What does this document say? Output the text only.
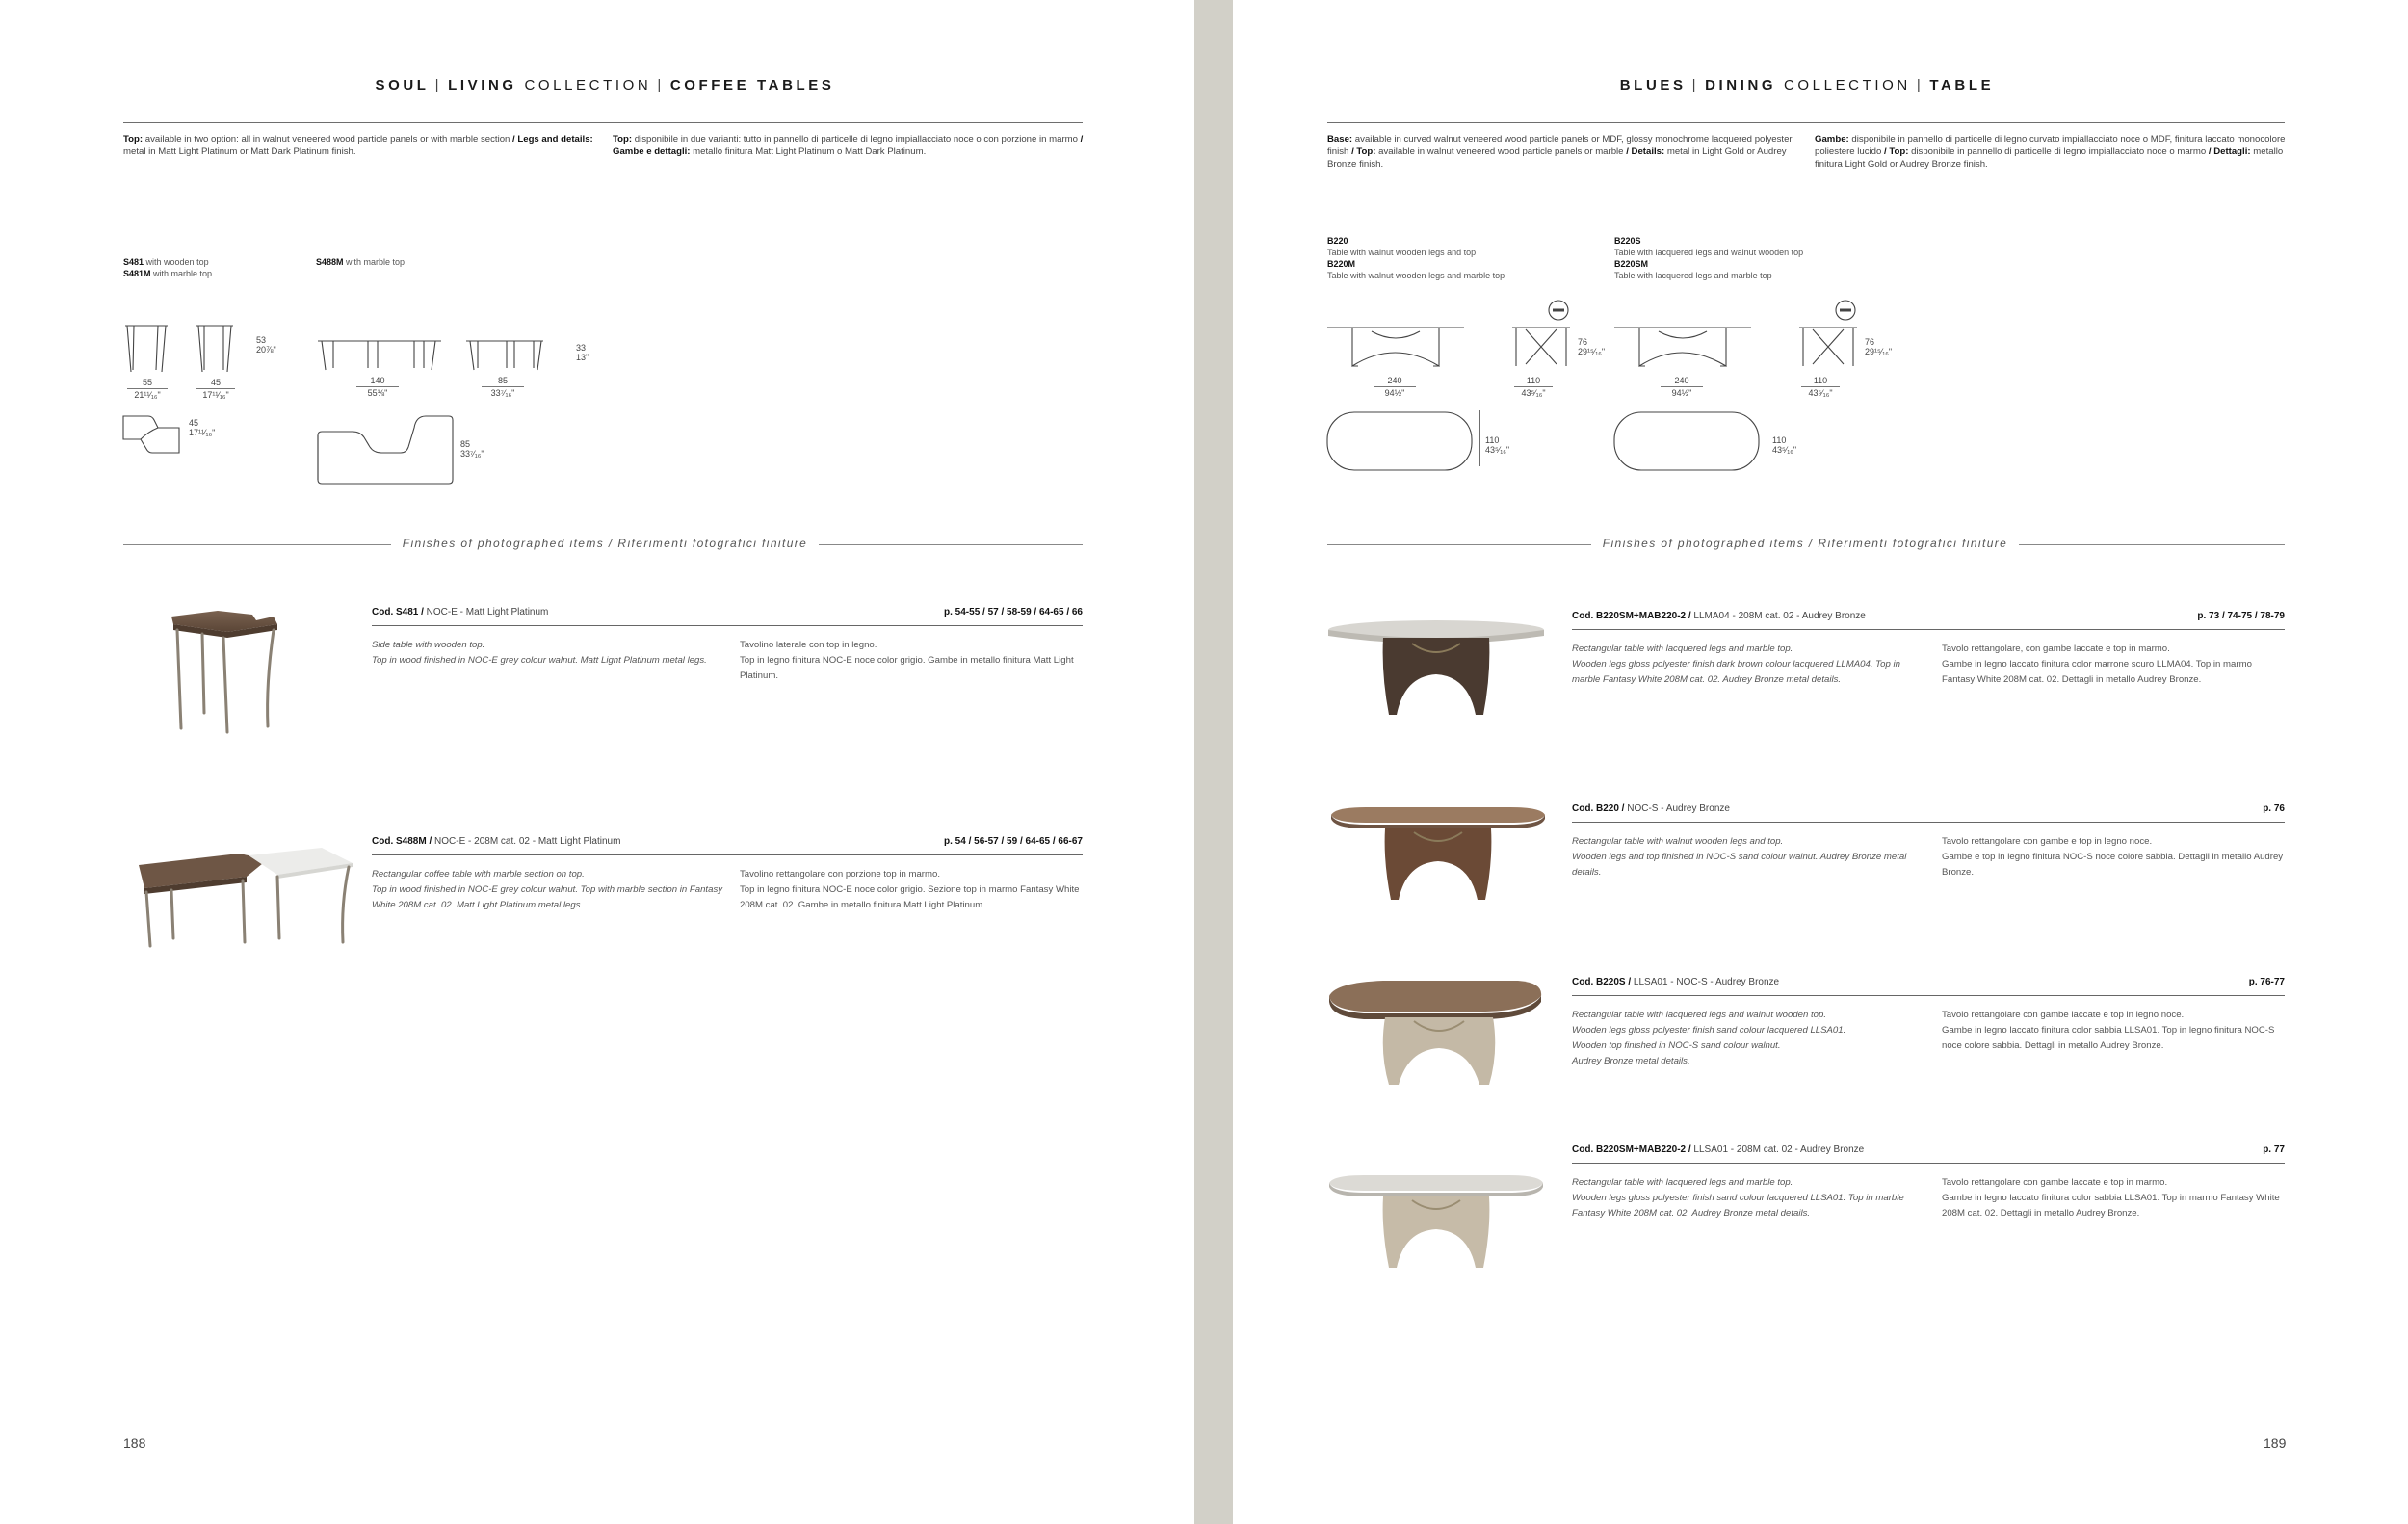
SOUL | LIVING COLLECTION | COFFEE TABLES
Top: available in two option: all in walnut veneered wood particle panels or with marble section / Legs and details: metal in Matt Light Platinum or Matt Dark Platinum finish.
Top: disponibile in due varianti: tutto in pannello di particelle di legno impiallacciato noce o con porzione in marmo / Gambe e dettagli: metallo finitura Matt Light Platinum o Matt Dark Platinum.
S481 with wooden top
S481M with marble top
S488M with marble top
53
20⅞"
55
21¹¹⁄₁₆"
45
17¹¹⁄₁₆"
45
17¹¹⁄₁₆"
33
13"
140
55⅛"
85
33⁷⁄₁₆"
85
33⁷⁄₁₆"
Finishes of photographed items / Riferimenti fotografici finiture
Cod. S481 / NOC-E - Matt Light Platinum	p. 54-55 / 57 / 58-59 / 64-65 / 66
Side table with wooden top.
Top in wood finished in NOC-E grey colour walnut. Matt Light Platinum metal legs.
Tavolino laterale con top in legno.
Top in legno finitura NOC-E noce color grigio. Gambe in metallo finitura Matt Light Platinum.
Cod. S488M / NOC-E - 208M cat. 02 - Matt Light Platinum	p. 54 / 56-57 / 59 / 64-65 / 66-67
Rectangular coffee table with marble section on top.
Top in wood finished in NOC-E grey colour walnut. Top with marble section in Fantasy White 208M cat. 02. Matt Light Platinum metal legs.
Tavolino rettangolare con porzione top in marmo.
Top in legno finitura NOC-E noce color grigio. Sezione top in marmo Fantasy White 208M cat. 02. Gambe in metallo finitura Matt Light Platinum.
188
BLUES | DINING COLLECTION | TABLE
Base: available in curved walnut veneered wood particle panels or MDF, glossy monochrome lacquered polyester finish / Top: available in walnut veneered wood particle panels or marble / Details: metal in Light Gold or Audrey Bronze finish.
Gambe: disponibile in pannello di particelle di legno curvato impiallacciato noce o MDF, finitura laccato monocolore poliestere lucido / Top: disponibile in pannello di particelle di legno impiallacciato noce o marmo / Dettagli: metallo finitura Light Gold or Audrey Bronze finish.
B220
Table with walnut wooden legs and top
B220M
Table with walnut wooden legs and marble top
B220S
Table with lacquered legs and walnut wooden top
B220SM
Table with lacquered legs and marble top
76
29¹⁵⁄₁₆"
240
94½"
110
43⁵⁄₁₆"
110
43⁵⁄₁₆"
76
29¹⁵⁄₁₆"
240
94½"
110
43⁵⁄₁₆"
110
43⁵⁄₁₆"
Finishes of photographed items / Riferimenti fotografici finiture
Cod. B220SM+MAB220-2 / LLMA04 - 208M cat. 02 - Audrey Bronze	p. 73 / 74-75 / 78-79
Rectangular table with lacquered legs and marble top.
Wooden legs gloss polyester finish dark brown colour lacquered LLMA04. Top in marble Fantasy White 208M cat. 02. Audrey Bronze metal details.
Tavolo rettangolare, con gambe laccate e top in marmo.
Gambe in legno laccato finitura color marrone scuro LLMA04. Top in marmo Fantasy White 208M cat. 02. Dettagli in metallo Audrey Bronze.
Cod. B220 / NOC-S - Audrey Bronze	p. 76
Rectangular table with walnut wooden legs and top.
Wooden legs and top finished in NOC-S sand colour walnut. Audrey Bronze metal details.
Tavolo rettangolare con gambe e top in legno noce.
Gambe e top in legno finitura NOC-S noce colore sabbia. Dettagli in metallo Audrey Bronze.
Cod. B220S / LLSA01 - NOC-S - Audrey Bronze	p. 76-77
Rectangular table with lacquered legs and walnut wooden top.
Wooden legs gloss polyester finish sand colour lacquered LLSA01.
Wooden top finished in NOC-S sand colour walnut.
Audrey Bronze metal details.
Tavolo rettangolare con gambe laccate e top in legno noce.
Gambe in legno laccato finitura color sabbia LLSA01. Top in legno finitura NOC-S noce colore sabbia. Dettagli in metallo Audrey Bronze.
Cod. B220SM+MAB220-2 / LLSA01 - 208M cat. 02 - Audrey Bronze	p. 77
Rectangular table with lacquered legs and marble top.
Wooden legs gloss polyester finish sand colour lacquered LLSA01. Top in marble Fantasy White 208M cat. 02. Audrey Bronze metal details.
Tavolo rettangolare con gambe laccate e top in marmo.
Gambe in legno laccato finitura color sabbia LLSA01. Top in marmo Fantasy White 208M cat. 02. Dettagli in metallo Audrey Bronze.
189
